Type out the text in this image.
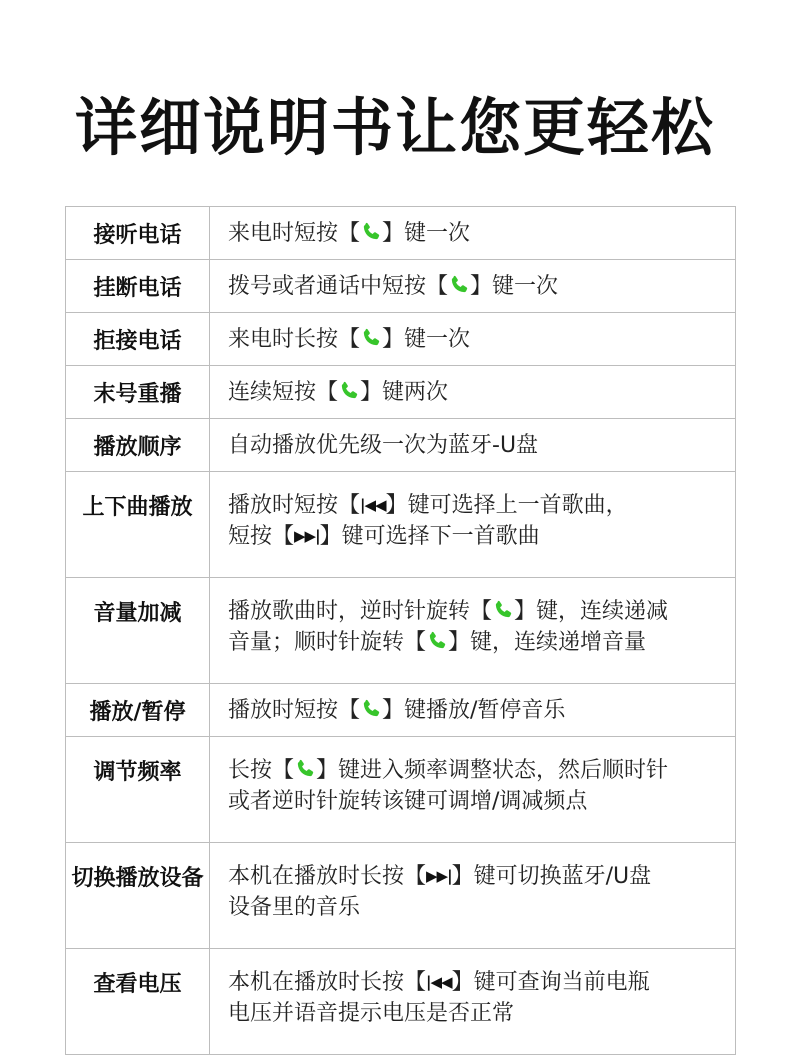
详细说明书让您更轻松
接听电话	来电时短按【 】键一次
挂断电话	拨号或者通话中短按【 】键一次
拒接电话	来电时长按【 】键一次
末号重播	连续短按【 】键两次
播放顺序	自动播放优先级一次为蓝牙-U盘
上下曲播放	播放时短按【|◀◀】键可选择上一首歌曲，
短按【▶▶|】键可选择下一首歌曲
音量加减	播放歌曲时，逆时针旋转【 】键，连续递减
音量；顺时针旋转【 】键，连续递增音量
播放/暂停	播放时短按【 】键播放/暂停音乐
调节频率	长按【 】键进入频率调整状态，然后顺时针
或者逆时针旋转该键可调增/调减频点
切换播放设备 本机在播放时长按【▶▶|】键可切换蓝牙/U盘
设备里的音乐
查看电压	本机在播放时长按【|◀◀】键可查询当前电瓶
电压并语音提示电压是否正常
